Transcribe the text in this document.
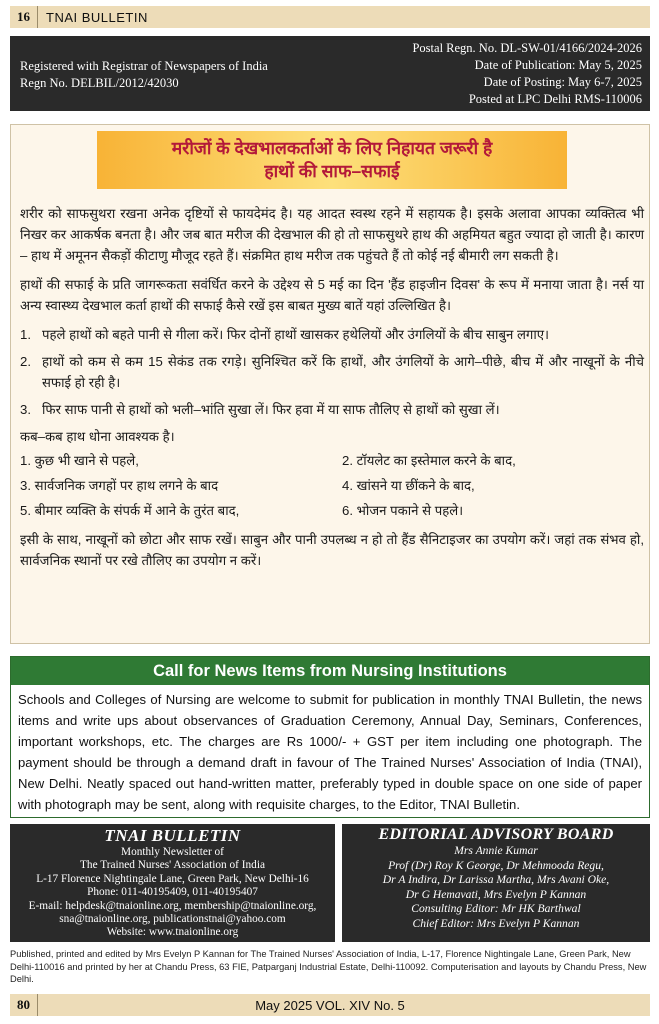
16	TNAI BULLETIN
Registered with Registrar of Newspapers of India
Regn No. DELBIL/2012/42030
Postal Regn. No. DL-SW-01/4166/2024-2026
Date of Publication: May 5, 2025
Date of Posting: May 6-7, 2025
Posted at LPC Delhi RMS-110006
मरीजों के देखभालकर्ताओं के लिए निहायत जरूरी है
हाथों की साफ–सफाई

शरीर को साफसुथरा रखना अनेक दृष्टियों से फायदेमंद है। यह आदत स्वस्थ रहने में सहायक है। इसके अलावा आपका व्यक्तित्व भी निखर कर आकर्षक बनता है। और जब बात मरीज की देखभाल की हो तो साफसुथरे हाथ की अहमियत बहुत ज्यादा हो जाती है। कारण – हाथ में अमूनन सैकड़ों कीटाणु मौजूद रहते हैं। संक्रमित हाथ मरीज तक पहुंचते हैं तो कोई नई बीमारी लग सकती है।

हाथों की सफाई के प्रति जागरूकता सवंर्धित करने के उद्देश्य से 5 मई का दिन 'हैंड हाइजीन दिवस' के रूप में मनाया जाता है। नर्स या अन्य स्वास्थ्य देखभाल कर्ता हाथों की सफाई कैसे रखें इस बाबत मुख्य बातें यहां उल्लिखित है।

1. पहले हाथों को बहते पानी से गीला करें। फिर दोनों हाथों खासकर हथेलियों और उंगलियों के बीच साबुन लगाए।
2. हाथों को कम से कम 15 सेकंड तक रगड़े। सुनिश्चित करें कि हाथों, और उंगलियों के आगे–पीछे, बीच में और नाखूनों के नीचे सफाई हो रही है।
3. फिर साफ पानी से हाथों को भली–भांति सुखा लें। फिर हवा में या साफ तौलिए से हाथों को सुखा लें।

कब–कब हाथ धोना आवश्यक है।

1. कुछ भी खाने से पहले,	2. टॉयलेट का इस्तेमाल करने के बाद,
3. सार्वजनिक जगहों पर हाथ लगने के बाद	4. खांसने या छींकने के बाद,
5. बीमार व्यक्ति के संपर्क में आने के तुरंत बाद,	6. भोजन पकाने से पहले।

इसी के साथ, नाखूनों को छोटा और साफ रखें। साबुन और पानी उपलब्ध न हो तो हैंड सैनिटाइजर का उपयोग करें। जहां तक संभव हो, सार्वजनिक स्थानों पर रखे तौलिए का उपयोग न करें।

Call for News Items from Nursing Institutions
Schools and Colleges of Nursing are welcome to submit for publication in monthly TNAI Bulletin, the news items and write ups about observances of Graduation Ceremony, Annual Day, Seminars, Conferences, important workshops, etc. The charges are Rs 1000/- + GST per item including one photograph. The payment should be through a demand draft in favour of The Trained Nurses' Association of India (TNAI), New Delhi. Neatly spaced out hand-written matter, preferably typed in double space on one side of paper with photograph may be sent, along with requisite charges, to the Editor, TNAI Bulletin.
TNAI BULLETIN
Monthly Newsletter of
The Trained Nurses' Association of India
L-17 Florence Nightingale Lane, Green Park, New Delhi-16
Phone: 011-40195409, 011-40195407
E-mail: helpdesk@tnaionline.org, membership@tnaionline.org,
sna@tnaionline.org, publicationstnai@yahoo.com
Website: www.tnaionline.org
EDITORIAL ADVISORY BOARD
Mrs Annie Kumar
Prof (Dr) Roy K George, Dr Mehmooda Regu,
Dr A Indira, Dr Larissa Martha, Mrs Avani Oke,
Dr G Hemavati, Mrs Evelyn P Kannan
Consulting Editor: Mr HK Barthwal
Chief Editor: Mrs Evelyn P Kannan
Published, printed and edited by Mrs Evelyn P Kannan for The Trained Nurses' Association of India, L-17, Florence Nightingale Lane, Green Park, New Delhi-110016 and printed by her at Chandu Press, 63 FIE, Patparganj Industrial Estate, Delhi-110092. Computerisation and layouts by Chandu Press, New Delhi.
May 2025 VOL. XIV No. 5
80
